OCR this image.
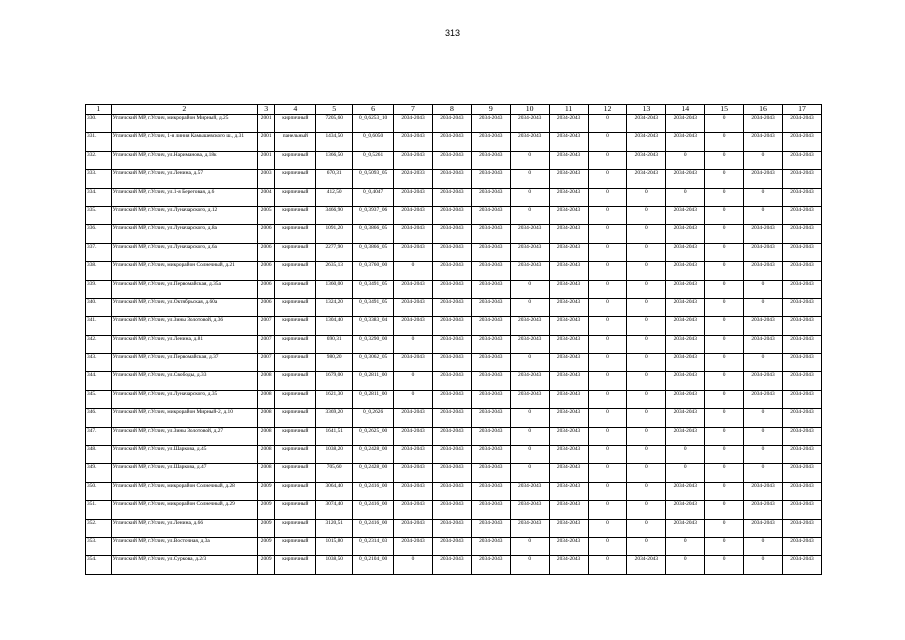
313
1	2	3	4	5	6	7	8	9	10	11	12	13	14	15	16	17
330.	Угличский МР, г.Углич, микрорайон Мирный, д.25	2001	кирпичный	7205,60	0_0,6253_10	2034-2043	2034-2043	2034-2043	2034-2043	2034-2043	0	2034-2043	2034-2043	0	2034-2043	2034-2043
331.	Угличский МР, г.Углич, 1-я линия Камышевского ш., д.31	2001	панельный	1434,50	0_0,6050	2034-2043	2034-2043	2034-2043	2034-2043	2034-2043	0	2034-2043	2034-2043	0	2034-2043	2034-2043
332.	Угличский МР, г.Углич, ул.Нариманова, д.18к	2001	кирпичный	1366,50	0_0,5261	2034-2043	2034-2043	2034-2043	0	2034-2043	0	2034-2043	0	0	0	2034-2043
333.	Угличский МР, г.Углич, ул.Ленина, д.57	2003	кирпичный	670,31	0_0,5093_05	2024-2033	2034-2043	2034-2043	0	2034-2043	0	2034-2043	2034-2043	0	2034-2043	2034-2043
334.	Угличский МР, г.Углич, ул.1-я Береговая, д.6	2004	кирпичный	412,50	0_0,4047	2034-2043	2034-2043	2034-2043	0	2034-2043	0	0	0	0	0	2034-2043
335.	Угличский МР, г.Углич, ул.Луначарского, д.12	2005	кирпичный	3466,90	0_0,3937_06	2034-2043	2034-2043	2034-2043	0	2034-2043	0	0	2034-2043	0	0	2034-2043
336.	Угличский МР, г.Углич, ул.Луначарского, д.8а	2006	кирпичный	1091,20	0_0,3866_05	2034-2043	2034-2043	2034-2043	2034-2043	2034-2043	0	0	2034-2043	0	2034-2043	2034-2043
337.	Угличский МР, г.Углич, ул.Луначарского, д.6а	2006	кирпичный	2277,90	0_0,3866_05	2034-2043	2034-2043	2034-2043	2034-2043	2034-2043	0	0	2034-2043	0	2034-2043	2034-2043
338.	Угличский МР, г.Углич, микрорайон Солнечный, д.21	2006	кирпичный	2635,13	0_0,3760_00	0	2034-2043	2034-2043	2034-2043	2034-2043	0	0	2034-2043	0	2034-2043	2034-2043
339.	Угличский МР, г.Углич, ул.Первомайская, д.35а	2006	кирпичный	1360,00	0_0,3491_05	2034-2043	2034-2043	2034-2043	0	2034-2043	0	0	2034-2043	0	0	2034-2043
340.	Угличский МР, г.Углич, ул.Октябрьская, д.60а	2006	кирпичный	1324,20	0_0,3491_05	2034-2043	2034-2043	2034-2043	0	2034-2043	0	0	2034-2043	0	0	2034-2043
341.	Угличский МР, г.Углич, ул.Зины Золотовой, д.36	2007	кирпичный	1304,40	0_0,3383_04	2034-2043	2034-2043	2034-2043	2034-2043	2034-2043	0	0	2034-2043	0	2034-2043	2034-2043
342.	Угличский МР, г.Углич, ул.Ленина, д.81	2007	кирпичный	690,31	0_0,3290_00	0	2034-2043	2034-2043	2034-2043	2034-2043	0	0	2034-2043	0	2034-2043	2034-2043
343.	Угличский МР, г.Углич, ул.Первомайская, д.37	2007	кирпичный	980,20	0_0,3062_05	2034-2043	2034-2043	2034-2043	0	2034-2043	0	0	2034-2043	0	0	2034-2043
344.	Угличский МР, г.Углич, ул.Свободы, д.33	2008	кирпичный	1679,00	0_0,2811_00	0	2034-2043	2034-2043	2034-2043	2034-2043	0	0	2034-2043	0	2034-2043	2034-2043
345.	Угличский МР, г.Углич, ул.Луначарского, д.35	2008	кирпичный	1621,30	0_0,2811_00	0	2034-2043	2034-2043	2034-2043	2034-2043	0	0	2034-2043	0	2034-2043	2034-2043
346.	Угличский МР, г.Углич, микрорайон Мирный-2, д.10	2008	кирпичный	3369,20	0_0,2626	2034-2043	2034-2043	2034-2043	0	2034-2043	0	0	2034-2043	0	0	2034-2043
347.	Угличский МР, г.Углич, ул.Зины Золотовой, д.27	2008	кирпичный	1641,51	0_0,2625_00	2034-2043	2034-2043	2034-2043	0	2034-2043	0	0	2034-2043	0	0	2034-2043
348.	Угличский МР, г.Углич, ул.Шаркова, д.45	2008	кирпичный	1038,20	0_0,2428_00	2034-2043	2034-2043	2034-2043	0	2034-2043	0	0	0	0	0	2034-2043
349.	Угличский МР, г.Углич, ул.Шаркова, д.47	2008	кирпичный	705,60	0_0,2428_00	2034-2043	2034-2043	2034-2043	0	2034-2043	0	0	0	0	0	2034-2043
350.	Угличский МР, г.Углич, микрорайон Солнечный, д.28	2009	кирпичный	3064,40	0_0,2416_00	2034-2043	2034-2043	2034-2043	2034-2043	2034-2043	0	0	2034-2043	0	2034-2043	2034-2043
351.	Угличский МР, г.Углич, микрорайон Солнечный, д.29	2009	кирпичный	3074,40	0_0,2416_00	2034-2043	2034-2043	2034-2043	2034-2043	2034-2043	0	0	2034-2043	0	2034-2043	2034-2043
352.	Угличский МР, г.Углич, ул.Ленина, д.66	2009	кирпичный	3120,51	0_0,2416_00	2034-2043	2034-2043	2034-2043	2034-2043	2034-2043	0	0	2034-2043	0	2034-2043	2034-2043
353.	Угличский МР, г.Углич, ул.Восточная, д.3а	2009	кирпичный	1015,80	0_0,2314_03	2034-2043	2034-2043	2034-2043	0	2034-2043	0	0	0	0	0	2034-2043
354.	Угличский МР, г.Углич, ул.Суркова, д.2/3	2009	кирпичный	1038,50	0_0,2104_00	0	2034-2043	2034-2043	0	2034-2043	0	2034-2043	0	0	0	2034-2043
